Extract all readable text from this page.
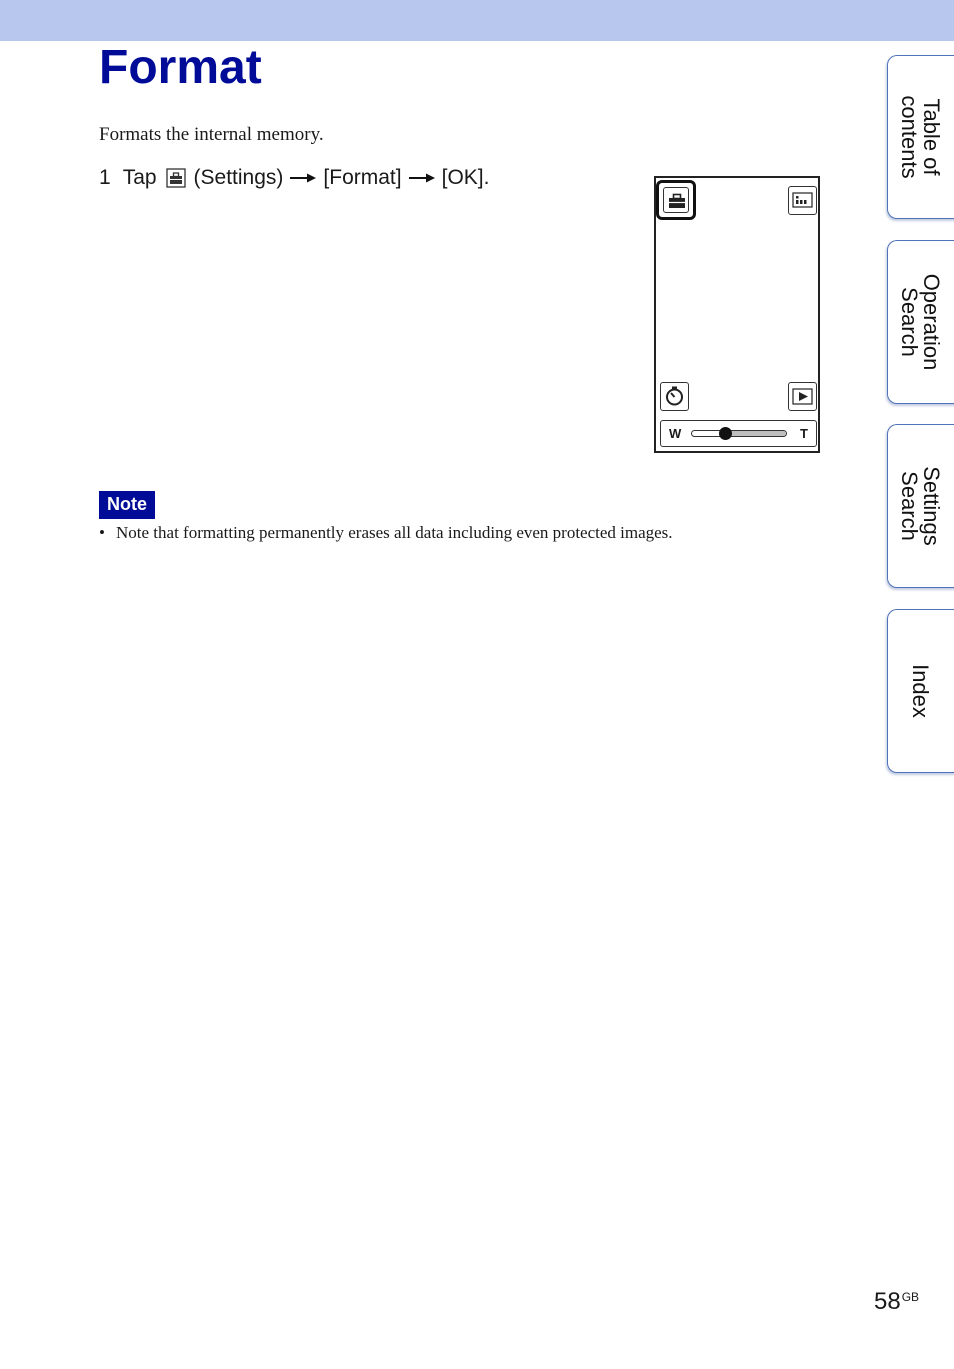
Format
Formats the internal memory.
1 Tap (Settings) [Format] [OK].
W	T
Note
• Note that formatting permanently erases all data including even protected images.
Table of
contents
Operation
Search
Settings
Search
Index
$58^{GB}$
